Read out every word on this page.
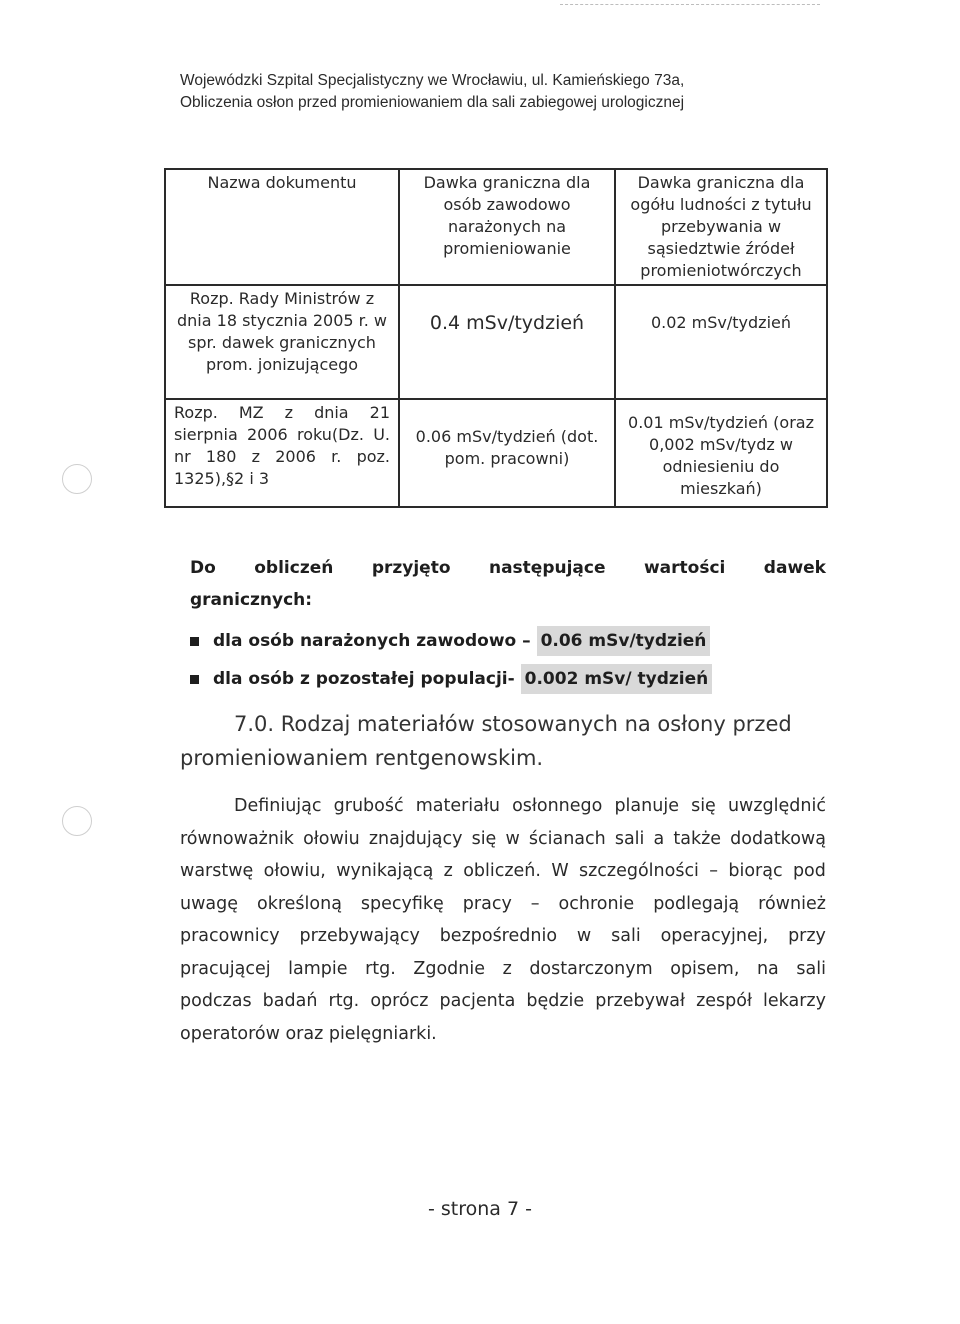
Wojewódzki Szpital Specjalistyczny we Wrocławiu, ul. Kamieńskiego 73a,
Obliczenia osłon przed promieniowaniem dla sali zabiegowej urologicznej
Nazwa dokumentu	Dawka graniczna dla osób zawodowo narażonych na promieniowanie	Dawka graniczna dla ogółu ludności z tytułu przebywania w sąsiedztwie źródeł promieniotwórczych
Rozp. Rady Ministrów z dnia 18 stycznia 2005 r. w spr. dawek granicznych prom. jonizującego	0.4 mSv/tydzień	0.02 mSv/tydzień
Rozp. MZ z dnia 21 sierpnia 2006 roku(Dz. U. nr 180 z 2006 r. poz. 1325),§2 i 3	0.06 mSv/tydzień (dot. pom. pracowni)	0.01 mSv/tydzień (oraz 0,002 mSv/tydz w odniesieniu do mieszkań)
Do obliczeń przyjęto następujące wartości dawek
granicznych:
dla osób narażonych zawodowo –
0.06 mSv/tydzień
dla osób z pozostałej populacji-
0.002 mSv/ tydzień
7.0. Rodzaj materiałów stosowanych na osłony przed
promieniowaniem rentgenowskim.
Definiując grubość materiału osłonnego planuje się uwzględnić
równoważnik ołowiu znajdujący się w ścianach sali a także dodatkową
warstwę ołowiu, wynikającą z obliczeń. W szczególności – biorąc pod
uwagę określoną specyfikę pracy – ochronie podlegają również
pracownicy przebywający bezpośrednio w sali operacyjnej, przy
pracującej lampie rtg. Zgodnie z dostarczonym opisem, na sali
podczas badań rtg. oprócz pacjenta będzie przebywał zespół lekarzy
operatorów oraz pielęgniarki.
- strona 7 -
